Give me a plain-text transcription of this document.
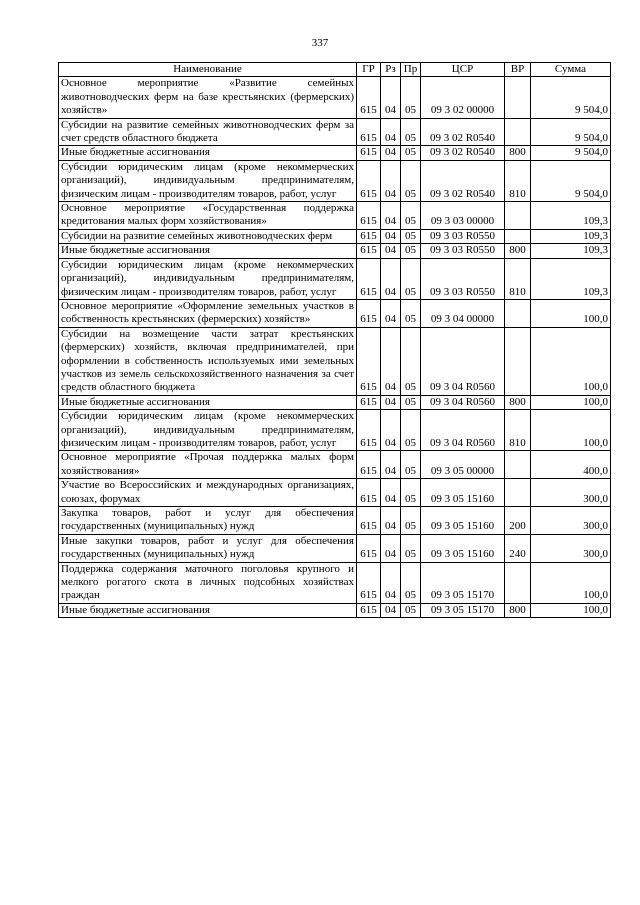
337
Наименование	ГР	Рз	Пр	ЦСР	ВР	Сумма
Основное мероприятие «Развитие семейных животноводческих ферм на базе крестьянских (фермерских) хозяйств»	615	04	05	09 3 02 00000		9 504,0
Субсидии на развитие семейных животноводческих ферм за счет средств областного бюджета	615	04	05	09 3 02 R0540		9 504,0
Иные бюджетные ассигнования	615	04	05	09 3 02 R0540	800	9 504,0
Субсидии юридическим лицам (кроме некоммерческих организаций), индивидуальным предпринимателям, физическим лицам - производителям товаров, работ, услуг	615	04	05	09 3 02 R0540	810	9 504,0
Основное мероприятие «Государственная поддержка кредитования малых форм хозяйствования»	615	04	05	09 3 03 00000		109,3
Субсидии на развитие семейных животноводческих ферм	615	04	05	09 3 03 R0550		109,3
Иные бюджетные ассигнования	615	04	05	09 3 03 R0550	800	109,3
Субсидии юридическим лицам (кроме некоммерческих организаций), индивидуальным предпринимателям, физическим лицам - производителям товаров, работ, услуг	615	04	05	09 3 03 R0550	810	109,3
Основное мероприятие «Оформление земельных участков в собственность крестьянских (фермерских) хозяйств»	615	04	05	09 3 04 00000		100,0
Субсидии на возмещение части затрат крестьянских (фермерских) хозяйств, включая предпринимателей, при оформлении в собственность используемых ими земельных участков из земель сельскохозяйственного назначения за счет средств областного бюджета	615	04	05	09 3 04 R0560		100,0
Иные бюджетные ассигнования	615	04	05	09 3 04 R0560	800	100,0
Субсидии юридическим лицам (кроме некоммерческих организаций), индивидуальным предпринимателям, физическим лицам - производителям товаров, работ, услуг	615	04	05	09 3 04 R0560	810	100,0
Основное мероприятие «Прочая поддержка малых форм хозяйствования»	615	04	05	09 3 05 00000		400,0
Участие во Всероссийских и международных организациях, союзах, форумах	615	04	05	09 3 05 15160		300,0
Закупка товаров, работ и услуг для обеспечения государственных (муниципальных) нужд	615	04	05	09 3 05 15160	200	300,0
Иные закупки товаров, работ и услуг для обеспечения государственных (муниципальных) нужд	615	04	05	09 3 05 15160	240	300,0
Поддержка содержания маточного поголовья крупного и мелкого рогатого скота в личных подсобных хозяйствах граждан	615	04	05	09 3 05 15170		100,0
Иные бюджетные ассигнования	615	04	05	09 3 05 15170	800	100,0
